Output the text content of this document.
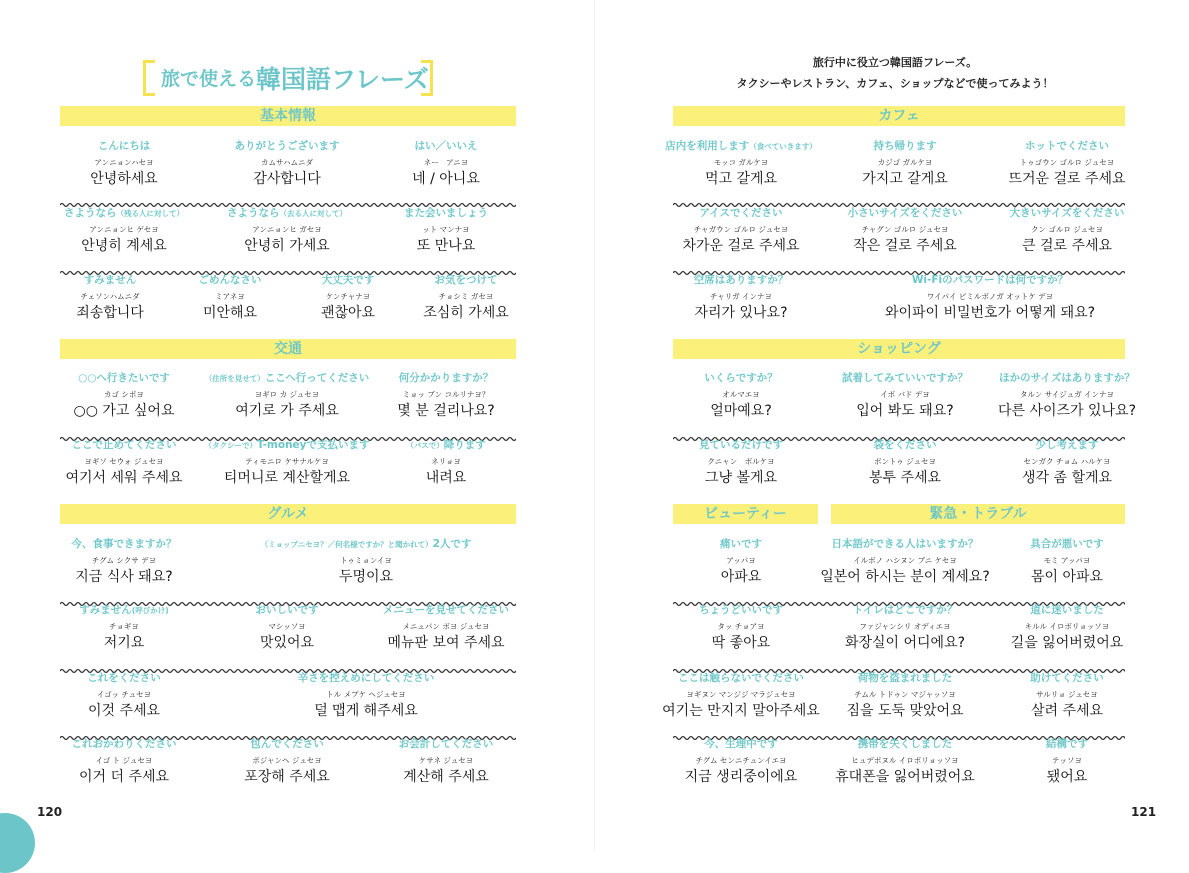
旅で使える 韓国語フレーズ
基本情報
こんにちは
アンニョンハセヨ
안녕하세요
ありがとうございます
カムサハムニダ
감사합니다
はい／いいえ
ネー　アニヨ
네 / 아니요
さようなら（残る人に対して）
アンニョンヒ ゲセヨ
안녕히 계세요
さようなら（去る人に対して）
アンニョンヒ ガセヨ
안녕히 가세요
また会いましょう
ット マンナヨ
또 만나요
すみません
チェソンハムニダ
죄송합니다
ごめんなさい
ミアネヨ
미안해요
大丈夫です
ケンチャナヨ
괜찮아요
お気をつけて
チョシミ ガセヨ
조심히 가세요
交通
○○へ行きたいです
カゴ シポヨ
○○ 가고 싶어요
（住所を見せて）ここへ行ってください
ヨギロ カ ジュセヨ
여기로 가 주세요
何分かかりますか？
ミョッ ブン コルリナヨ？
몇 분 걸리나요?
ここで止めてください
ヨギソ セウォ ジュセヨ
여기서 세워 주세요
（タクシーで）T-moneyで支払います
ティモニロ ケサナルケヨ
티머니로 계산할게요
（バスで）降ります
ネリョヨ
내려요
グルメ
今、食事できますか？
チグム シクサ デヨ
지금 식사 돼요?
（ミョップニセヨ？／何名様ですか？と聞かれて）2人です
トゥミョンイヨ
두명이요
すみません(呼びかけ)
チョギヨ
저기요
おいしいです
マシッソヨ
맛있어요
メニューを見せてください
メニュパン ボヨ ジュセヨ
메뉴판 보여 주세요
これをください
イゴッ チュセヨ
이것 주세요
辛さを控えめにしてください
トル メプケ ヘジュセヨ
덜 맵게 해주세요
これおかわりください
イゴ ト ジュセヨ
이거 더 주세요
包んでください
ポジャンヘ ジュセヨ
포장해 주세요
お会計してください
ケサネ ジュセヨ
계산해 주세요
120
旅行中に役立つ韓国語フレーズ。
タクシーやレストラン、カフェ、ショップなどで使ってみよう！
カフェ
店内を利用します（食べていきます）
モッコ ガルケヨ
먹고 갈게요
持ち帰ります
カジゴ ガルケヨ
가지고 갈게요
ホットでください
トゥゴウン ゴルロ ジュセヨ
뜨거운 걸로 주세요
アイスでください
チャガウン ゴルロ ジュセヨ
차가운 걸로 주세요
小さいサイズをください
チャグン ゴルロ ジュセヨ
작은 걸로 주세요
大きいサイズをください
クン ゴルロ ジュセヨ
큰 걸로 주세요
空席はありますか？
チャリガ インナヨ
자리가 있나요?
Wi-Fiのパスワードは何ですか？
ワイパイ ビミルボノガ オットケ デヨ
와이파이 비밀번호가 어떻게 돼요?
ショッピング
いくらですか？
オルマエヨ
얼마예요?
試着してみていいですか？
イボ バド デヨ
입어 봐도 돼요?
ほかのサイズはありますか？
タルン サイジュガ インナヨ
다른 사이즈가 있나요?
見ているだけです
クニャン　ボルケヨ
그냥 볼게요
袋をください
ボントゥ ジュセヨ
봉투 주세요
少し考えます
センガク チョム ハルケヨ
생각 좀 할게요
ビューティー	緊急・トラブル
痛いです
アッパヨ
아파요
日本語ができる人はいますか？
イルボノ ハシヌン ブニ ケセヨ
일본어 하시는 분이 계세요?
具合が悪いです
モミ アッパヨ
몸이 아파요
ちょうどいいです
タッ チョアヨ
딱 좋아요
トイレはどこですか？
ファジャンシリ オディエヨ
화장실이 어디에요?
道に迷いました
キルル イロボリョッソヨ
길을 잃어버렸어요
ここは触らないでください
ヨギヌン マンジジ マラジュセヨ
여기는 만지지 말아주세요
荷物を盗まれました
チムル トドゥン マジャッソヨ
짐을 도둑 맞았어요
助けてください
サルリョ ジュセヨ
살려 주세요
今、生理中です
チグム センニチュンイエヨ
지금 생리중이에요
携帯を失くしました
ヒュデポヌル イロボリョッソヨ
휴대폰을 잃어버렸어요
結構です
テッソヨ
됐어요
121
